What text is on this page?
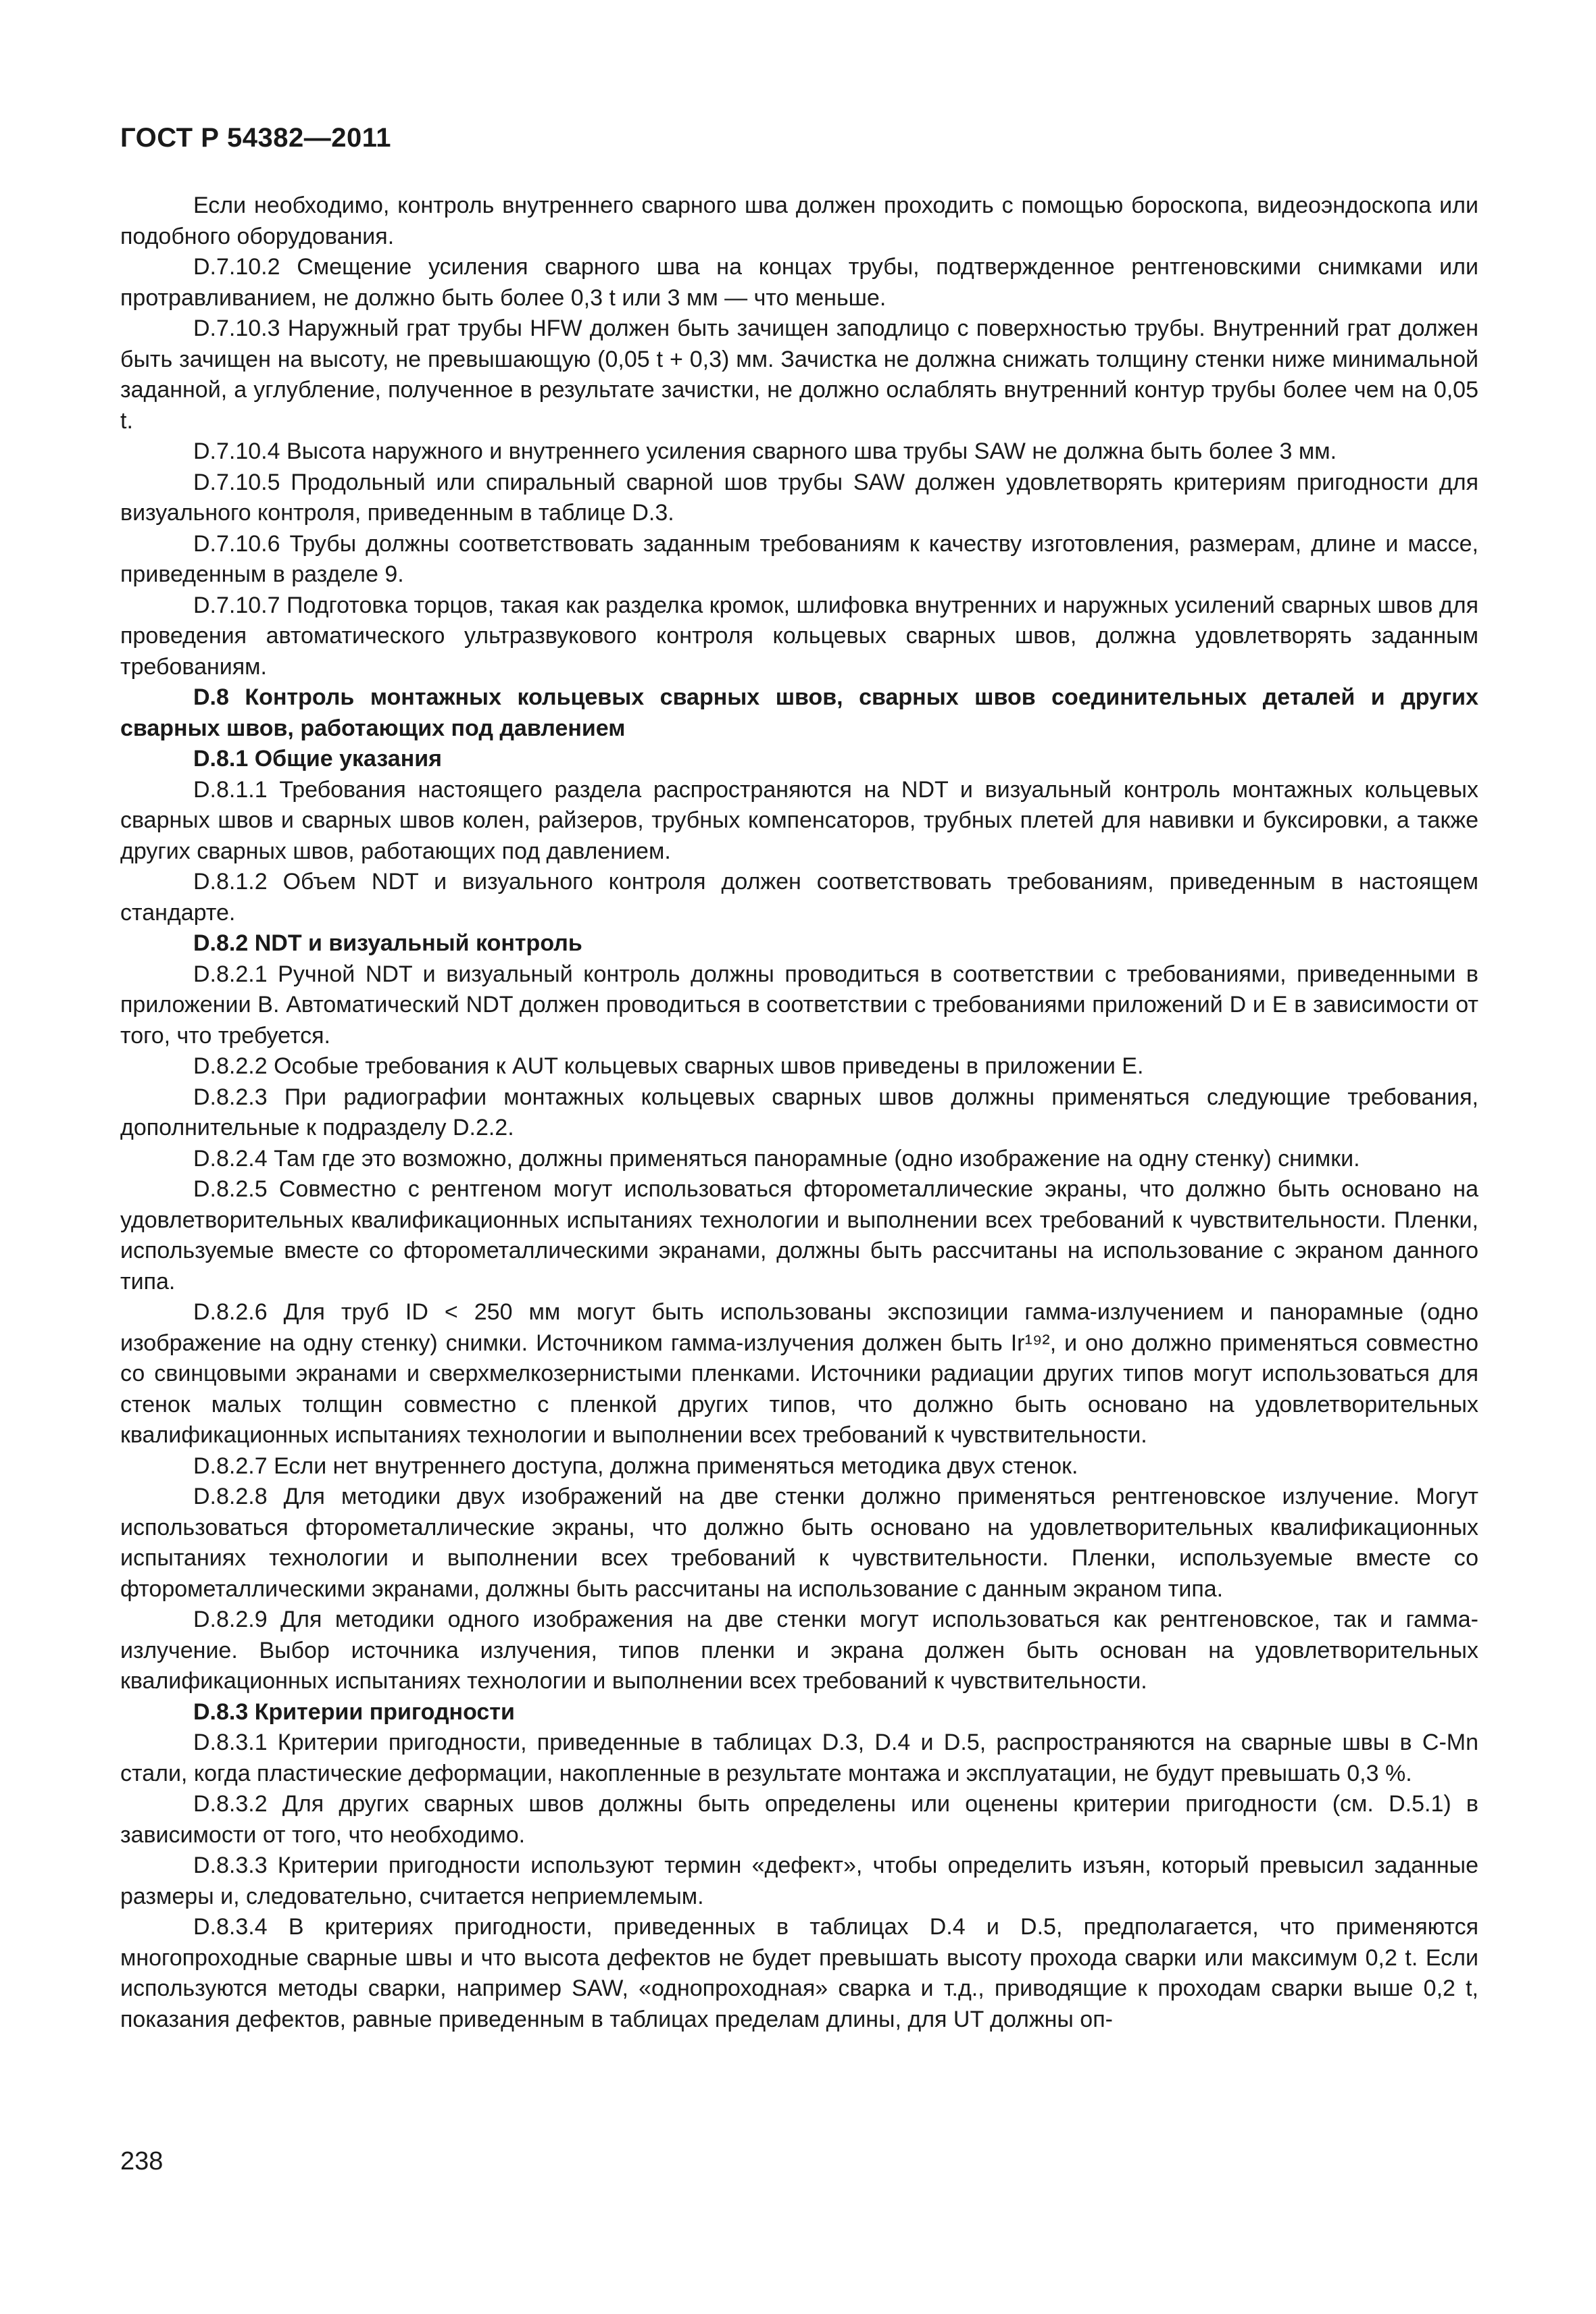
ГОСТ Р 54382—2011

Если необходимо, контроль внутреннего сварного шва должен проходить с помощью бороскопа, видеоэндоскопа или подобного оборудования.

D.7.10.2 Смещение усиления сварного шва на концах трубы, подтвержденное рентгеновскими снимками или протравливанием, не должно быть более 0,3 t или 3 мм — что меньше.

D.7.10.3 Наружный грат трубы HFW должен быть зачищен заподлицо с поверхностью трубы. Внутренний грат должен быть зачищен на высоту, не превышающую (0,05 t + 0,3) мм. Зачистка не должна снижать толщину стенки ниже минимальной заданной, а углубление, полученное в результате зачистки, не должно ослаблять внутренний контур трубы более чем на 0,05 t.

D.7.10.4 Высота наружного и внутреннего усиления сварного шва трубы SAW не должна быть более 3 мм.

D.7.10.5 Продольный или спиральный сварной шов трубы SAW должен удовлетворять критериям пригодности для визуального контроля, приведенным в таблице D.3.

D.7.10.6 Трубы должны соответствовать заданным требованиям к качеству изготовления, размерам, длине и массе, приведенным в разделе 9.

D.7.10.7 Подготовка торцов, такая как разделка кромок, шлифовка внутренних и наружных усилений сварных швов для проведения автоматического ультразвукового контроля кольцевых сварных швов, должна удовлетворять заданным требованиям.

D.8 Контроль монтажных кольцевых сварных швов, сварных швов соединительных деталей и других сварных швов, работающих под давлением

D.8.1 Общие указания

D.8.1.1 Требования настоящего раздела распространяются на NDT и визуальный контроль монтажных кольцевых сварных швов и сварных швов колен, райзеров, трубных компенсаторов, трубных плетей для навивки и буксировки, а также других сварных швов, работающих под давлением.

D.8.1.2 Объем NDT и визуального контроля должен соответствовать требованиям, приведенным в настоящем стандарте.

D.8.2 NDT и визуальный контроль

D.8.2.1 Ручной NDT и визуальный контроль должны проводиться в соответствии с требованиями, приведенными в приложении B. Автоматический NDT должен проводиться в соответствии с требованиями приложений D и E в зависимости от того, что требуется.

D.8.2.2 Особые требования к AUT кольцевых сварных швов приведены в приложении E.

D.8.2.3 При радиографии монтажных кольцевых сварных швов должны применяться следующие требования, дополнительные к подразделу D.2.2.

D.8.2.4 Там где это возможно, должны применяться панорамные (одно изображение на одну стенку) снимки.

D.8.2.5 Совместно с рентгеном могут использоваться фторометаллические экраны, что должно быть основано на удовлетворительных квалификационных испытаниях технологии и выполнении всех требований к чувствительности. Пленки, используемые вместе со фторометаллическими экранами, должны быть рассчитаны на использование с экраном данного типа.

D.8.2.6 Для труб ID < 250 мм могут быть использованы экспозиции гамма-излучением и панорамные (одно изображение на одну стенку) снимки. Источником гамма-излучения должен быть Ir¹⁹², и оно должно применяться совместно со свинцовыми экранами и сверхмелкозернистыми пленками. Источники радиации других типов могут использоваться для стенок малых толщин совместно с пленкой других типов, что должно быть основано на удовлетворительных квалификационных испытаниях технологии и выполнении всех требований к чувствительности.

D.8.2.7 Если нет внутреннего доступа, должна применяться методика двух стенок.

D.8.2.8 Для методики двух изображений на две стенки должно применяться рентгеновское излучение. Могут использоваться фторометаллические экраны, что должно быть основано на удовлетворительных квалификационных испытаниях технологии и выполнении всех требований к чувствительности. Пленки, используемые вместе со фторометаллическими экранами, должны быть рассчитаны на использование с данным экраном типа.

D.8.2.9 Для методики одного изображения на две стенки могут использоваться как рентгеновское, так и гамма-излучение. Выбор источника излучения, типов пленки и экрана должен быть основан на удовлетворительных квалификационных испытаниях технологии и выполнении всех требований к чувствительности.

D.8.3 Критерии пригодности

D.8.3.1 Критерии пригодности, приведенные в таблицах D.3, D.4 и D.5, распространяются на сварные швы в C-Mn стали, когда пластические деформации, накопленные в результате монтажа и эксплуатации, не будут превышать 0,3 %.

D.8.3.2 Для других сварных швов должны быть определены или оценены критерии пригодности (см. D.5.1) в зависимости от того, что необходимо.

D.8.3.3 Критерии пригодности используют термин «дефект», чтобы определить изъян, который превысил заданные размеры и, следовательно, считается неприемлемым.

D.8.3.4 В критериях пригодности, приведенных в таблицах D.4 и D.5, предполагается, что применяются многопроходные сварные швы и что высота дефектов не будет превышать высоту прохода сварки или максимум 0,2 t. Если используются методы сварки, например SAW, «однопроходная» сварка и т.д., приводящие к проходам сварки выше 0,2 t, показания дефектов, равные приведенным в таблицах пределам длины, для UT должны оп-

238
